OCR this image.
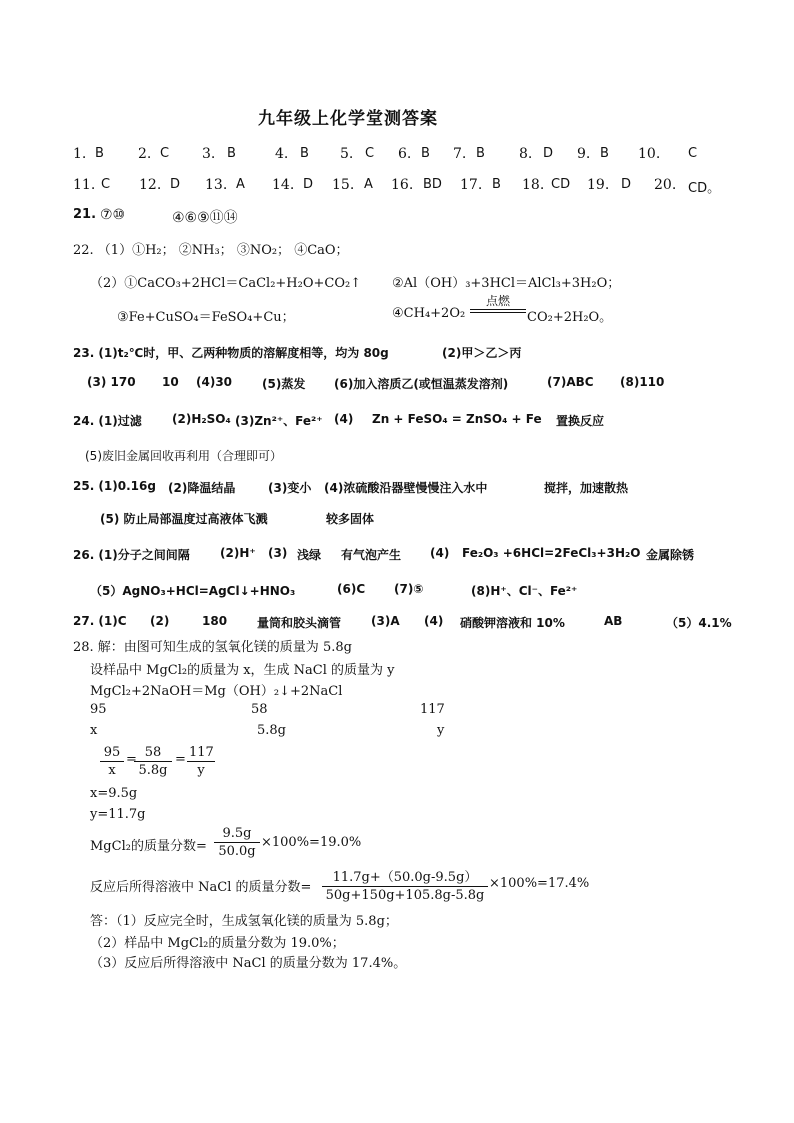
九年级上化学堂测答案
1. B 2. C 3. B	4. B 5. C 6. B 7. B 8. D 9. B 10. C
11. C 12. D 13. A 14. D 15. A 16. BD 17. B 18. CD 19. D 20. CD。
21. ⑦⑩	④⑥⑨⑪⑭
22. （1）①H₂； ②NH₃； ③NO₂； ④CaO；
（2）①CaCO₃+2HCl＝CaCl₂+H₂O+CO₂↑ ②Al（OH）₃+3HCl＝AlCl₃+3H₂O；
③Fe+CuSO₄＝FeSO₄+Cu；	④CH₄+2O₂
点燃
CO₂+2H₂O。
23. (1)t₂℃时，甲、乙两种物质的溶解度相等，均为 80g	(2)甲＞乙＞丙
(3) 170 10 (4)30 (5)蒸发 (6)加入溶质乙(或恒温蒸发溶剂)	(7)ABC (8)110
24. (1)过滤	(2)H₂SO₄ (3)Zn²⁺、Fe²⁺ (4) Zn + FeSO₄ = ZnSO₄ + Fe 置换反应
(5)废旧金属回收再利用（合理即可）
25. (1)0.16g (2)降温结晶	(3)变小 (4)浓硫酸沿器壁慢慢注入水中	搅拌，加速散热
(5) 防止局部温度过高液体飞溅	较多固体
26. (1)分子之间间隔	(2)H⁺ (3) 浅绿 有气泡产生 (4) Fe₂O₃ +6HCl=2FeCl₃+3H₂O 金属除锈
（5）AgNO₃+HCl=AgCl↓+HNO₃	(6)C (7)⑤	(8)H⁺、Cl⁻、Fe²⁺
27. (1)C (2)	180 量筒和胶头滴管 (3)A (4) 硝酸钾溶液和 10%	AB	（5）4.1%
28. 解：由图可知生成的氢氧化镁的质量为 5.8g
设样品中 MgCl₂的质量为 x，生成 NaCl 的质量为 y
MgCl₂+2NaOH＝Mg（OH）₂↓+2NaCl
95	58	117
x	5.8g	y
$\frac{95}{x}$ =
$\frac{58}{5.8g} = \frac{117}{y}$
x=9.5g
y=11.7g
MgCl₂的质量分数= $\frac{9.5g}{50.0g} \times 100\%=19.0\%$
反应后所得溶液中 NaCl 的质量分数= $\frac{11.7g+(50.0g-9.5g)}{50g+150g+105.8g-5.8g} \times 100\%=17.4\%$
答：（1）反应完全时，生成氢氧化镁的质量为 5.8g；
（2）样品中 MgCl₂的质量分数为 19.0%；
（3）反应后所得溶液中 NaCl 的质量分数为 17.4%。
